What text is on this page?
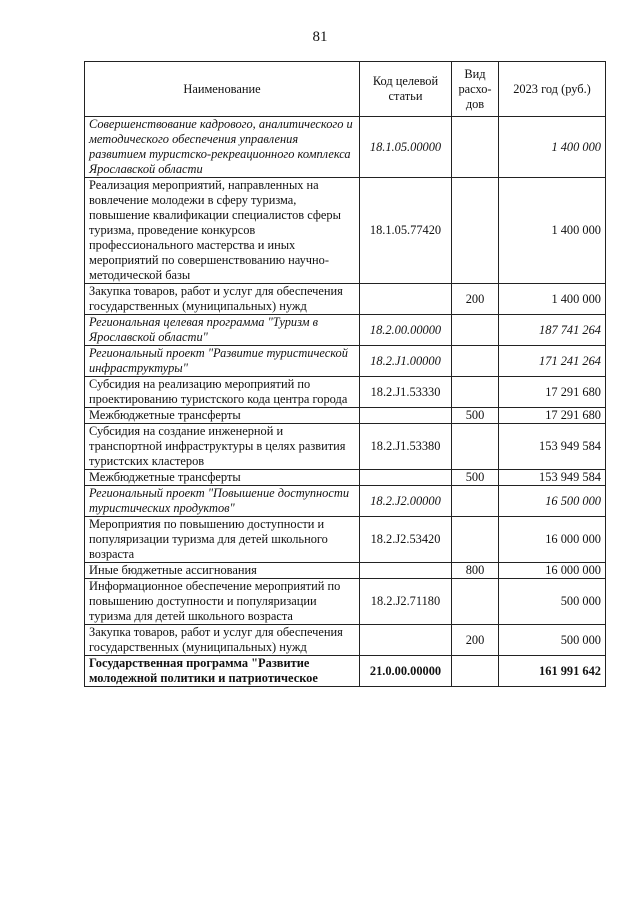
81
Наименование	Код целевой статьи	Вид расхо-дов	2023 год (руб.)
Совершенствование кадрового, аналитического и методического обеспечения управления развитием туристско-рекреационного комплекса Ярославской области	18.1.05.00000		1 400 000
Реализация мероприятий, направленных на вовлечение молодежи в сферу туризма, повышение квалификации специалистов сферы туризма, проведение конкурсов профессионального мастерства и иных мероприятий по совершенствованию научно-методической базы	18.1.05.77420		1 400 000
Закупка товаров, работ и услуг для обеспечения государственных (муниципальных) нужд		200	1 400 000
Региональная целевая программа "Туризм в Ярославской области"	18.2.00.00000		187 741 264
Региональный проект "Развитие туристической инфраструктуры"	18.2.J1.00000		171 241 264
Субсидия на реализацию мероприятий по проектированию туристского кода центра города	18.2.J1.53330		17 291 680
Межбюджетные трансферты		500	17 291 680
Субсидия на создание инженерной и транспортной инфраструктуры в целях развития туристских кластеров	18.2.J1.53380		153 949 584
Межбюджетные трансферты		500	153 949 584
Региональный проект "Повышение доступности туристических продуктов"	18.2.J2.00000		16 500 000
Мероприятия по повышению доступности и популяризации туризма для детей школьного возраста	18.2.J2.53420		16 000 000
Иные бюджетные ассигнования		800	16 000 000
Информационное обеспечение мероприятий по повышению доступности и популяризации туризма для детей школьного возраста	18.2.J2.71180		500 000
Закупка товаров, работ и услуг для обеспечения государственных (муниципальных) нужд		200	500 000
Государственная программа "Развитие молодежной политики и патриотическое	21.0.00.00000		161 991 642
